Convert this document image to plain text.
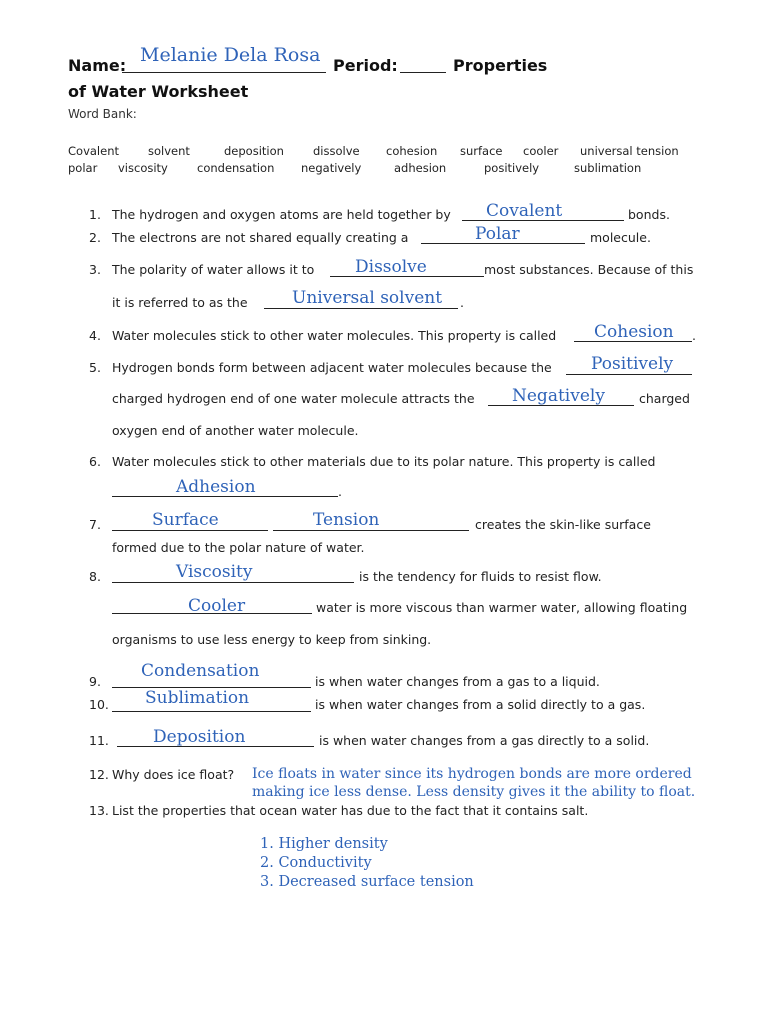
Name: Melanie Dela Rosa Period:	Properties
of Water Worksheet
Word Bank:
Covalent	solvent	deposition	dissolve cohesion surface cooler universal tension
polar viscosity	condensation negatively	adhesion	positively	sublimation
1. The hydrogen and oxygen atoms are held together by Covalent	bonds.
2. The electrons are not shared equally creating a	Polar	molecule.
3. The polarity of water allows it to Dissolve	most substances. Because of this
it is referred to as the	Universal solvent .
4. Water molecules stick to other water molecules. This property is called Cohesion .
5. Hydrogen bonds form between adjacent water molecules because the Positively
charged hydrogen end of one water molecule attracts the Negatively	charged
oxygen end of another water molecule.
6. Water molecules stick to other materials due to its polar nature. This property is called
Adhesion	.
7.	Surface	Tension	creates the skin-like surface
formed due to the polar nature of water.
8.	Viscosity	is the tendency for fluids to resist flow.
Cooler	water is more viscous than warmer water, allowing floating
organisms to use less energy to keep from sinking.
9.
Condensation
is when water changes from a gas to a liquid.
10. Sublimation	is when water changes from a solid directly to a gas.
11.	Deposition	is when water changes from a gas directly to a solid.
12. Why does ice float? Ice floats in water since its hydrogen bonds are more ordered making ice less dense. Less density gives it the ability to float.
13. List the properties that ocean water has due to the fact that it contains salt.
1. Higher density
2. Conductivity
3. Decreased surface tension
